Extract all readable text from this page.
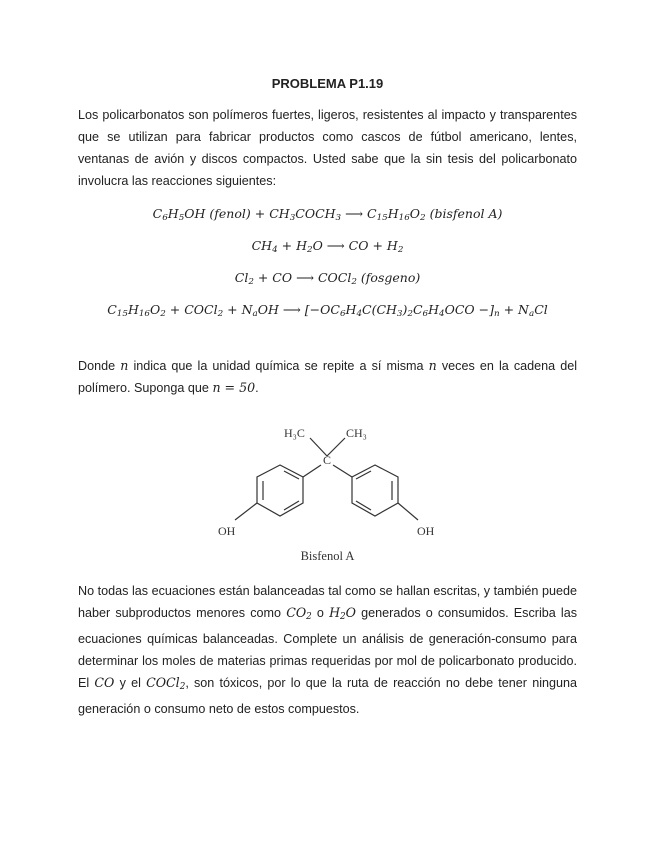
PROBLEMA P1.19
Los policarbonatos son polímeros fuertes, ligeros, resistentes al impacto y transparentes
que se utilizan para fabricar productos como cascos de fútbol americano, lentes,
ventanas de avión y discos compactos. Usted sabe que la sin tesis del policarbonato
involucra las reacciones siguientes:
$C_6H_5OH$ (fenol) + $CH_3COCH_3$ ⟶ $C_{15}H_{16}O_2$ (bisfenol A)
$CH_4 + H_2O$ ⟶ CO + $H_2$
$Cl_2$ + CO ⟶ COCl$_2$ (fosgeno)
$C_{15}H_{16}O_2$ + COCl$_2$ + $N_aOH$ ⟶ $[-OC_6H_4C(CH_3)_2C_6H_4OCO -]_n + N_aCl$
Donde n indica que la unidad química se repite a sí misma n veces en la cadena del
polímero. Suponga que n = 50.
H₃C	CH₃
C
OH	OH
Bisfenol A
No todas las ecuaciones están balanceadas tal como se hallan escritas, y también puede
haber subproductos menores como $CO_2$ o $H_2O$ generados o consumidos. Escriba las
ecuaciones químicas balanceadas. Complete un análisis de generación-consumo para
determinar los moles de materias primas requeridas por mol de policarbonato producido.
El CO y el COCl$_2$, son tóxicos, por lo que la ruta de reacción no debe tener ninguna
generación o consumo neto de estos compuestos.
